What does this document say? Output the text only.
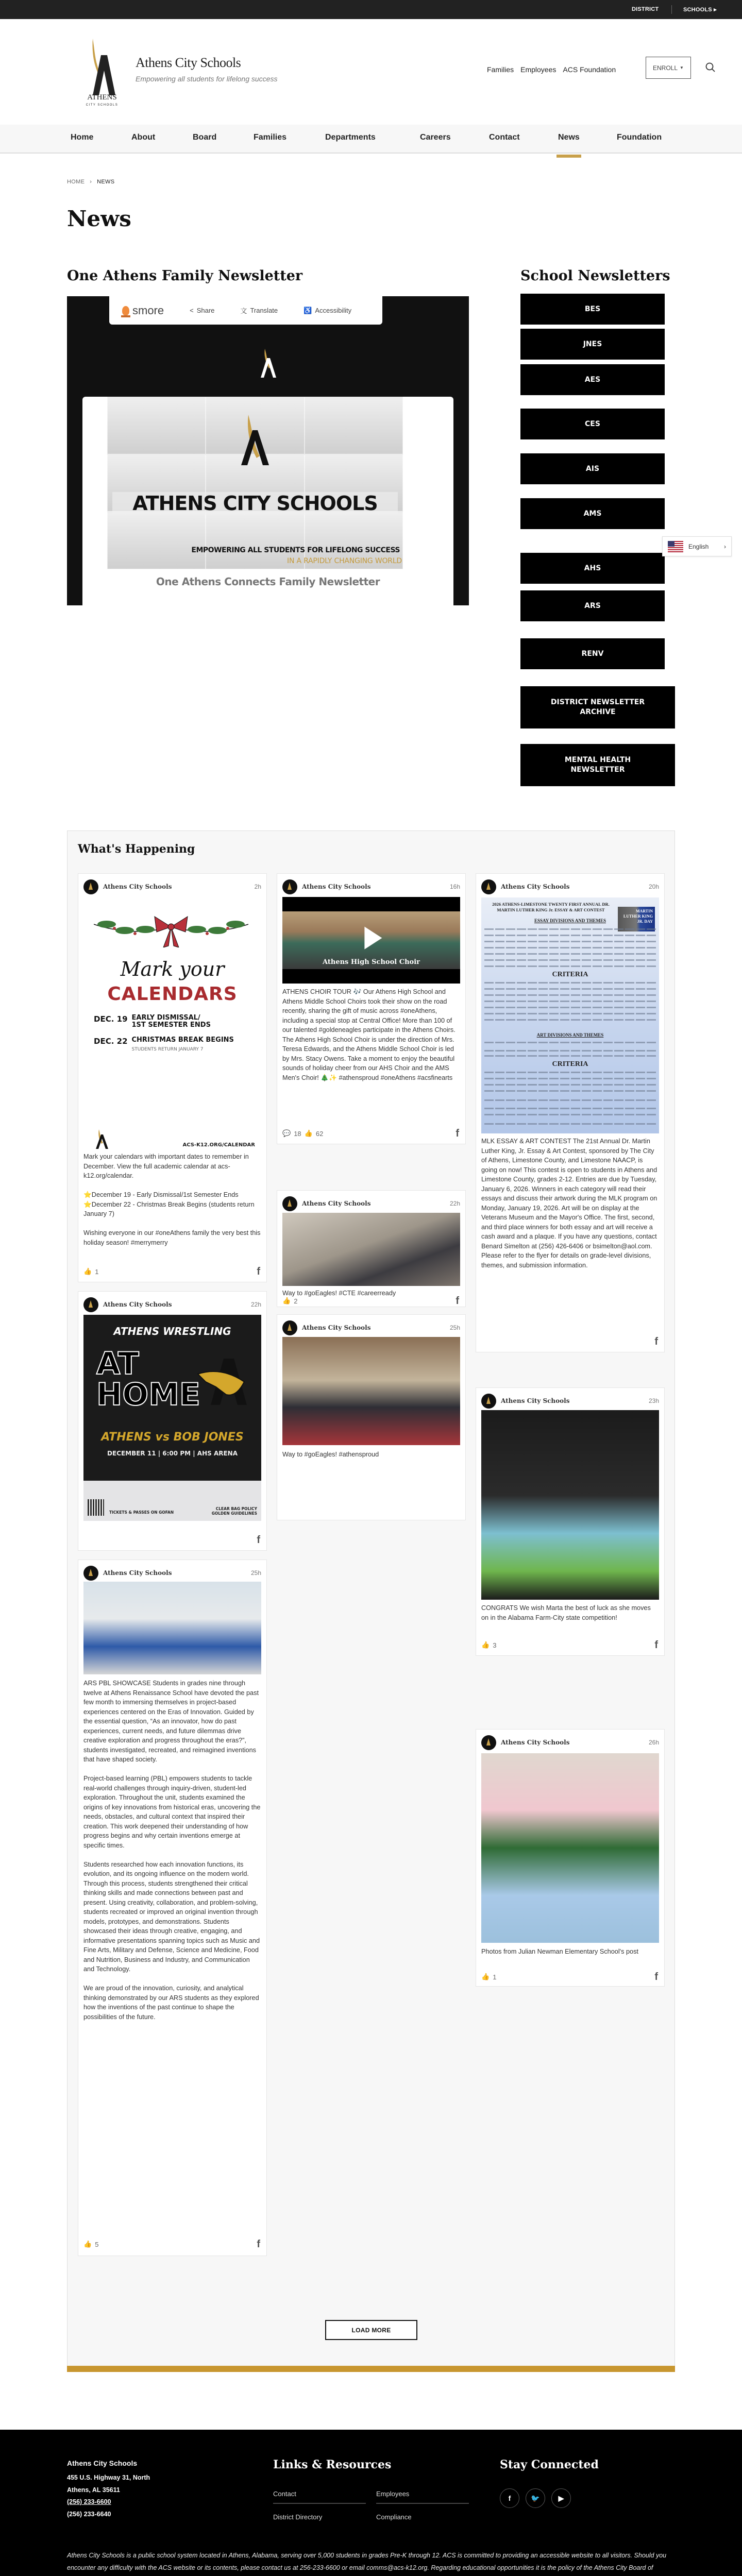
DISTRICT	SCHOOLS ▸
ATHENS
CITY SCHOOLS
Athens City Schools
Empowering all students for lifelong success
Families Employees ACS Foundation	ENROLL ▼
Home	About	Board	Families	Departments	Careers	Contact	News	Foundation
HOME › NEWS
News
One Athens Family Newsletter
smore	< Share	文 Translate	♿ Accessibility
ATHENS CITY SCHOOLS
EMPOWERING ALL STUDENTS FOR LIFELONG SUCCESS
IN A RAPIDLY CHANGING WORLD
One Athens Connects Family Newsletter
School Newsletters
BES
JNES
AES
CES
AIS
AMS
AHS
ARS
RENV
DISTRICT NEWSLETTER ARCHIVE
MENTAL HEALTH NEWSLETTER
English	›
What's Happening
Athens City Schools	2h
Mark your
CALENDARS
DEC. 19 EARLY DISMISSAL/
1ST SEMESTER ENDS
DEC. 22 CHRISTMAS BREAK BEGINS
STUDENTS RETURN JANUARY 7
ACS-K12.ORG/CALENDAR
Mark your calendars with important dates to remember in December. View the full academic calendar at acs-k12.org/calendar.

⭐December 19 - Early Dismissal/1st Semester Ends
⭐December 22 - Christmas Break Begins (students return January 7)

Wishing everyone in our #oneAthens family the very best this holiday season! #merrymerry
👍 1	f
Athens City Schools	22h
ATHENS WRESTLING
AT
HOME
ATHENS vs BOB JONES
DECEMBER 11 | 6:00 PM | AHS ARENA
TICKETS & PASSES ON GOFAN
CLEAR BAG POLICY
GOLDEN GUIDELINES
f
Athens City Schools	25h
ARS PBL SHOWCASE Students in grades nine through twelve at Athens Renaissance School have devoted the past few month to immersing themselves in project-based experiences centered on the Eras of Innovation. Guided by the essential question, “As an innovator, how do past experiences, current needs, and future dilemmas drive creative exploration and progress throughout the eras?”, students investigated, recreated, and reimagined inventions that have shaped society.

Project-based learning (PBL) empowers students to tackle real-world challenges through inquiry-driven, student-led exploration. Throughout the unit, students examined the origins of key innovations from historical eras, uncovering the needs, obstacles, and cultural context that inspired their creation. This work deepened their understanding of how progress begins and why certain inventions emerge at specific times.

Students researched how each innovation functions, its evolution, and its ongoing influence on the modern world. Through this process, students strengthened their critical thinking skills and made connections between past and present. Using creativity, collaboration, and problem-solving, students recreated or improved an original invention through models, prototypes, and demonstrations. Students showcased their ideas through creative, engaging, and informative presentations spanning topics such as Music and Fine Arts, Military and Defense, Science and Medicine, Food and Nutrition, Business and Industry, and Communication and Technology.

We are proud of the innovation, curiosity, and analytical thinking demonstrated by our ARS students as they explored how the inventions of the past continue to shape the possibilities of the future.
👍 5	f
Athens City Schools	16h
Athens High School Choir
ATHENS CHOIR TOUR 🎶 Our Athens High School and Athens Middle School Choirs took their show on the road recently, sharing the gift of music across #oneAthens, including a special stop at Central Office! More than 100 of our talented #goldeneagles participate in the Athens Choirs. The Athens High School Choir is under the direction of Mrs. Teresa Edwards, and the Athens Middle School Choir is led by Mrs. Stacy Owens. Take a moment to enjoy the beautiful sounds of holiday cheer from our AHS Choir and the AMS Men's Choir! 🎄✨ #athensproud #oneAthens #acsfinearts
💬 18 👍 62	f
Athens City Schools	22h
Way to #goEagles! #CTE #careerready
👍 2	f
Athens City Schools	25h
Way to #goEagles! #athensproud
Athens City Schools	20h
2026 ATHENS-LIMESTONE TWENTY FIRST ANNUAL DR. MARTIN LUTHER KING Jr. ESSAY & ART CONTEST	MARTIN LUTHER KING JR. DAY
ESSAY DIVISIONS AND THEMES
CRITERIA
ART DIVISIONS AND THEMES
CRITERIA
MLK ESSAY & ART CONTEST The 21st Annual Dr. Martin Luther King, Jr. Essay & Art Contest, sponsored by The City of Athens, Limestone County, and Limestone NAACP, is going on now! This contest is open to students in Athens and Limestone County, grades 2-12. Entries are due by Tuesday, January 6, 2026. Winners in each category will read their essays and discuss their artwork during the MLK program on Monday, January 19, 2026. Art will be on display at the Veterans Museum and the Mayor's Office. The first, second, and third place winners for both essay and art will receive a cash award and a plaque. If you have any questions, contact Benard Simelton at (256) 426-6406 or bsimelton@aol.com. Please refer to the flyer for details on grade-level divisions, themes, and submission information.
f
Athens City Schools	23h
CONGRATS We wish Marta the best of luck as she moves on in the Alabama Farm-City state competition!
👍 3	f
Athens City Schools	26h
Photos from Julian Newman Elementary School's post
👍 1	f
LOAD MORE
Athens City Schools
455 U.S. Highway 31, North
Athens, AL 35611
(256) 233-6600
(256) 233-6640
Links & Resources
Contact	Employees
District Directory	Compliance
Stay Connected
f	🐦	▶

Athens City Schools is a public school system located in Athens, Alabama, serving over 5,000 students in grades Pre-K through 12. ACS is committed to providing an accessible website to all visitors. Should you encounter any difficulty with the ACS website or its contents, please contact us at 256-233-6600 or email comms@acs-k12.org. Regarding educational opportunities it is the policy of the Athens City Board of
